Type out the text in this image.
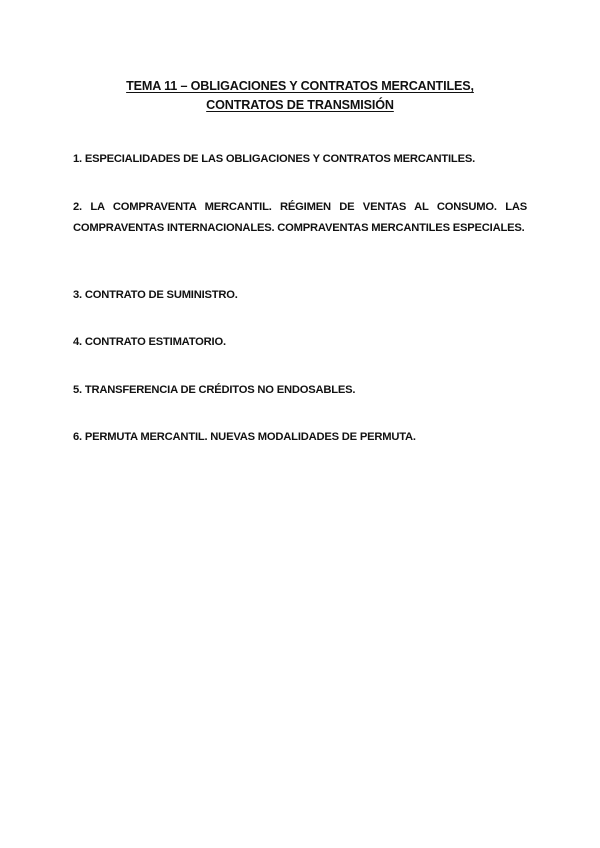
TEMA 11 – OBLIGACIONES Y CONTRATOS MERCANTILES,
CONTRATOS DE TRANSMISIÓN
1. ESPECIALIDADES DE LAS OBLIGACIONES Y CONTRATOS MERCANTILES.
2. LA COMPRAVENTA MERCANTIL. RÉGIMEN DE VENTAS AL CONSUMO. LAS COMPRAVENTAS INTERNACIONALES. COMPRAVENTAS MERCANTILES ESPECIALES.
3. CONTRATO DE SUMINISTRO.
4. CONTRATO ESTIMATORIO.
5. TRANSFERENCIA DE CRÉDITOS NO ENDOSABLES.
6. PERMUTA MERCANTIL. NUEVAS MODALIDADES DE PERMUTA.
